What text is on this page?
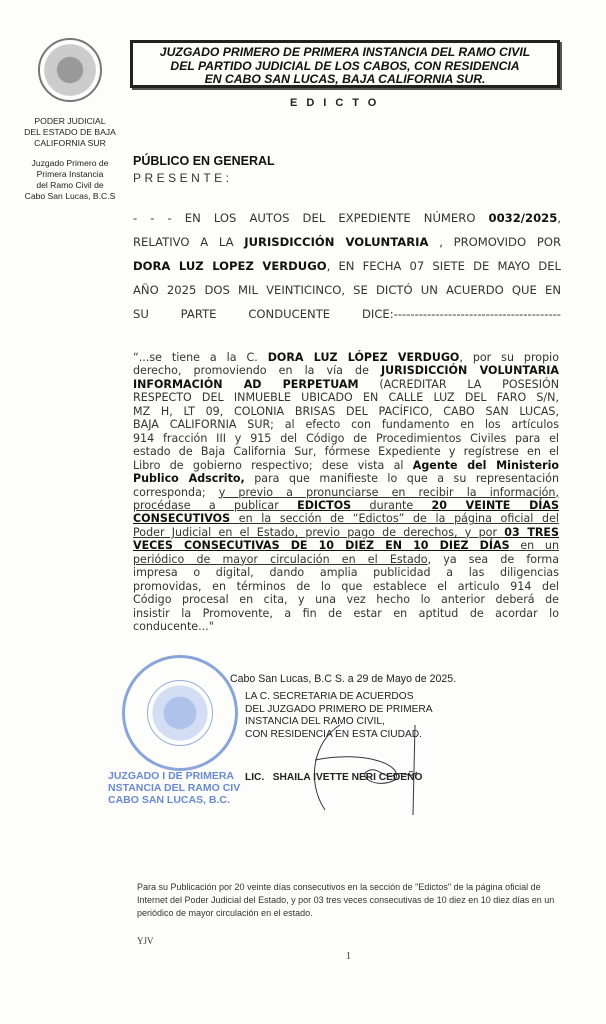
PODER JUDICIAL
DEL ESTADO DE BAJA
CALIFORNIA SUR
Juzgado Primero de
Primera Instancia
del Ramo Civil de
Cabo San Lucas, B.C.S
JUZGADO PRIMERO DE PRIMERA INSTANCIA DEL RAMO CIVIL
DEL PARTIDO JUDICIAL DE LOS CABOS, CON RESIDENCIA
EN CABO SAN LUCAS, BAJA CALIFORNIA SUR.
EDICTO
PÚBLICO EN GENERAL
PRESENTE:
- - - EN LOS AUTOS DEL EXPEDIENTE NÚMERO 0032/2025,
RELATIVO A LA JURISDICCIÓN VOLUNTARIA , PROMOVIDO POR
DORA LUZ LOPEZ VERDUGO, EN FECHA 07 SIETE DE MAYO DEL
AÑO 2025 DOS MIL VEINTICINCO, SE DICTÓ UN ACUERDO QUE EN
SU PARTE CONDUCENTE DICE:----------------------------------------
“...se tiene a la C. DORA LUZ LÓPEZ VERDUGO, por su propio
derecho, promoviendo en la vía de JURISDICCIÓN VOLUNTARIA
INFORMACIÓN AD PERPETUAM (ACREDITAR LA POSESIÓN
RESPECTO DEL INMUEBLE UBICADO EN CALLE LUZ DEL FARO S/N,
MZ H, LT 09, COLONIA BRISAS DEL PACÍFICO, CABO SAN LUCAS,
BAJA CALIFORNIA SUR; al efecto con fundamento en los artículos
914 fracción III y 915 del Código de Procedimientos Civiles para el
estado de Baja California Sur, fórmese Expediente y regístrese en el
Libro de gobierno respectivo; dese vista al Agente del Ministerio
Publico Adscrito, para que manifieste lo que a su representación
corresponda; y previo a pronunciarse en recibir la información,
procédase a publicar EDICTOS durante 20 VEINTE DÍAS
CONSECUTIVOS en la sección de “Edictos” de la página oficial del
Poder Judicial en el Estado, previo pago de derechos, y por 03 TRES
VECES CONSECUTIVAS DE 10 DIEZ EN 10 DIEZ DÍAS en un
periódico de mayor circulación en el Estado, ya sea de forma
impresa o digital, dando amplia publicidad a las diligencias
promovidas, en términos de lo que establece el articulo 914 del
Código procesal en cita, y una vez hecho lo anterior deberá de
insistir la Promovente, a fin de estar en aptitud de acordar lo
conducente..."
JUZGADO I DE PRIMERA
NSTANCIA DEL RAMO CIV
CABO SAN LUCAS, B.C.
Cabo San Lucas, B.C S. a 29 de Mayo de 2025.
LA C. SECRETARIA DE ACUERDOS
DEL JUZGADO PRIMERO DE PRIMERA
INSTANCIA DEL RAMO CIVIL,
CON RESIDENCIA EN ESTA CIUDAD.
LIC. SHAILA IVETTE NERI CEDEÑO
Para su Publicación por 20 veinte días consecutivos en la sección de "Edictos" de la página oficial de Internet del Poder Judicial del Estado, y por 03 tres veces consecutivas de 10 diez en 10 diez días en un periódico de mayor circulación en el estado.
YJV
1
